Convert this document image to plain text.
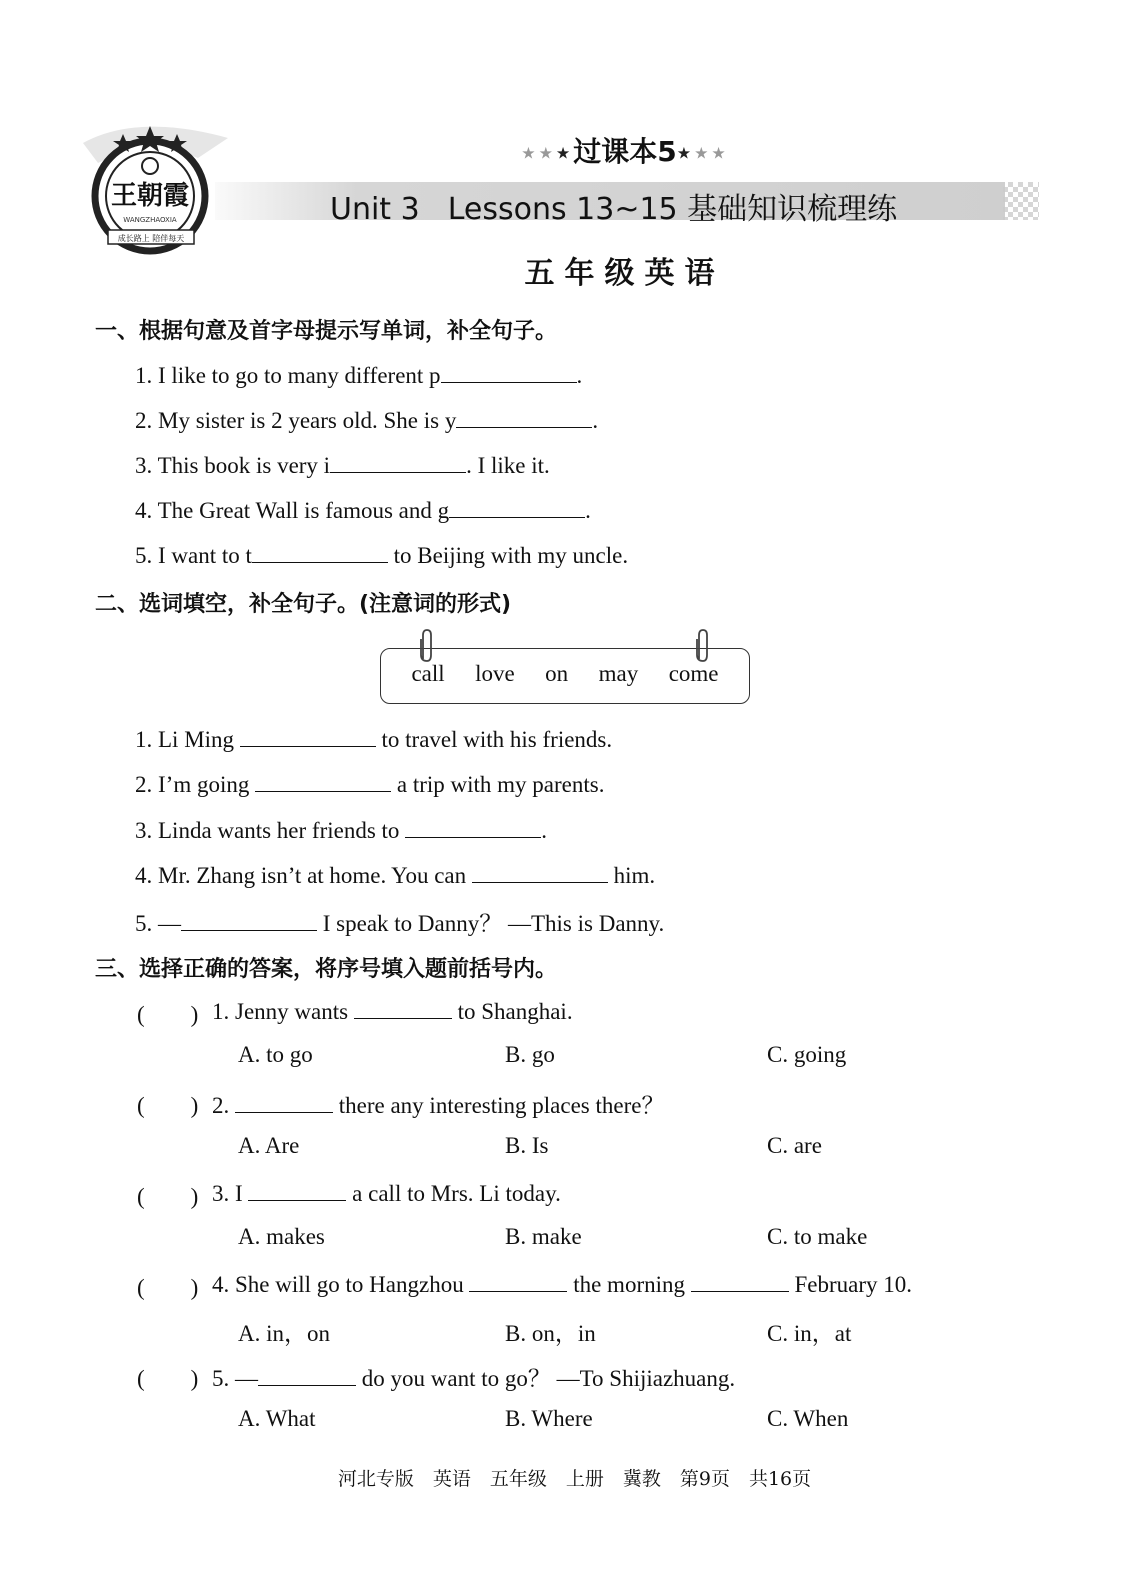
王朝霞
WANGZHAOXIA
成长路上 陪伴每天
★★★过课本5★★★
Unit 3 Lessons 13~15 基础知识梳理练
五年级英语
一、根据句意及首字母提示写单词，补全句子。
1. I like to go to many different p	.
2. My sister is 2 years old. She is y	.
3. This book is very i	. I like it.
4. The Great Wall is famous and g	.
5. I want to t	to Beijing with my uncle.
二、选词填空，补全句子。(注意词的形式)
call love on may come
1. Li Ming	to travel with his friends.
2. I’m going	a trip with my parents.
3. Linda wants her friends to	.
4. Mr. Zhang isn’t at home. You can	him.
5. —	I speak to Danny？ —This is Danny.
三、选择正确的答案，将序号填入题前括号内。
(　　) 1. Jenny wants	to Shanghai.
A. to go	B. go	C. going
(　　) 2.	there any interesting places there？
A. Are	B. Is	C. are
(　　) 3. I	a call to Mrs. Li today.
A. makes	B. make	C. to make
(　　) 4. She will go to Hangzhou	the morning	February 10.
A. in，on	B. on，in	C. in，at
(　　) 5. —	do you want to go？ —To Shijiazhuang.
A. What	B. Where	C. When
河北专版　英语　五年级　上册　冀教　第9页　共16页
